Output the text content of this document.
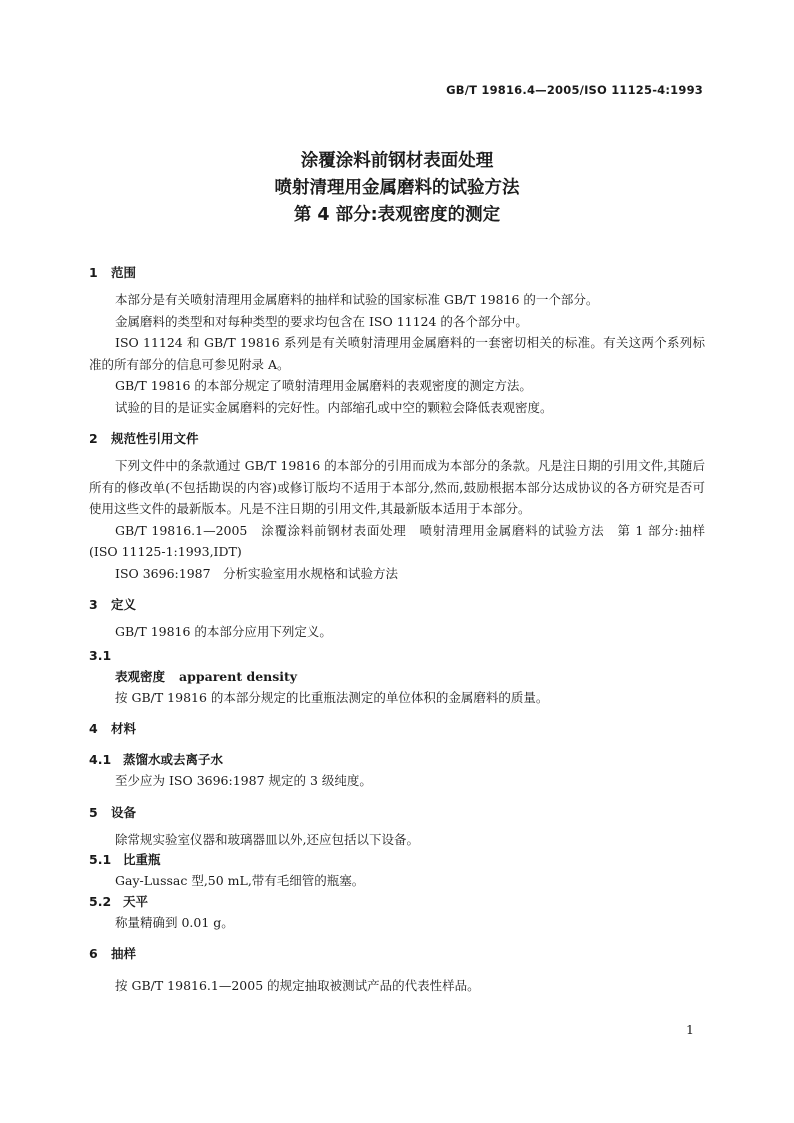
GB/T 19816.4—2005/ISO 11125-4:1993
涂覆涂料前钢材表面处理
喷射清理用金属磨料的试验方法
第 4 部分:表观密度的测定
1 范围
本部分是有关喷射清理用金属磨料的抽样和试验的国家标准 GB/T 19816 的一个部分。
金属磨料的类型和对每种类型的要求均包含在 ISO 11124 的各个部分中。
ISO 11124 和 GB/T 19816 系列是有关喷射清理用金属磨料的一套密切相关的标准。有关这两个系列标准的所有部分的信息可参见附录 A。
GB/T 19816 的本部分规定了喷射清理用金属磨料的表观密度的测定方法。
试验的目的是证实金属磨料的完好性。内部缩孔或中空的颗粒会降低表观密度。
2 规范性引用文件
下列文件中的条款通过 GB/T 19816 的本部分的引用而成为本部分的条款。凡是注日期的引用文件,其随后所有的修改单(不包括勘误的内容)或修订版均不适用于本部分,然而,鼓励根据本部分达成协议的各方研究是否可使用这些文件的最新版本。凡是不注日期的引用文件,其最新版本适用于本部分。
GB/T 19816.1—2005　涂覆涂料前钢材表面处理　喷射清理用金属磨料的试验方法　第 1 部分:抽样(ISO 11125-1:1993,IDT)
ISO 3696:1987　分析实验室用水规格和试验方法
3 定义
GB/T 19816 的本部分应用下列定义。
3.1
表观密度 apparent density
按 GB/T 19816 的本部分规定的比重瓶法测定的单位体积的金属磨料的质量。
4 材料
4.1 蒸馏水或去离子水
至少应为 ISO 3696:1987 规定的 3 级纯度。
5 设备
除常规实验室仪器和玻璃器皿以外,还应包括以下设备。
5.1 比重瓶
Gay-Lussac 型,50 mL,带有毛细管的瓶塞。
5.2 天平
称量精确到 0.01 g。
6 抽样
按 GB/T 19816.1—2005 的规定抽取被测试产品的代表性样品。
1
